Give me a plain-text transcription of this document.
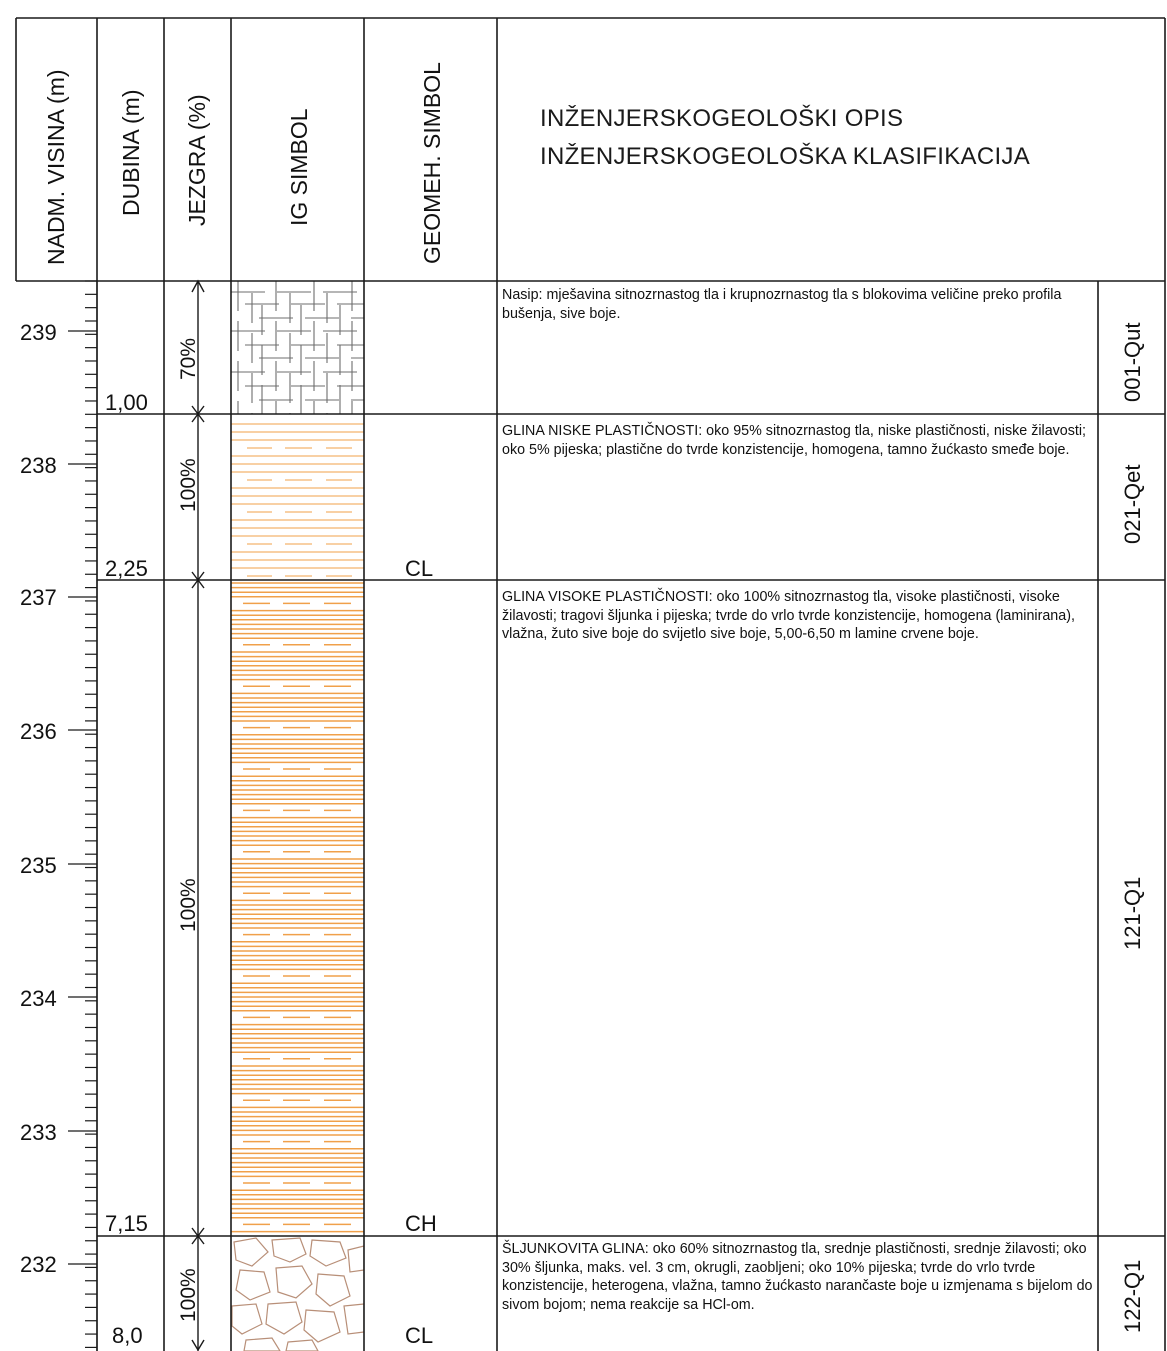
NADM. VISINA (m) DUBINA (m) JEZGRA (%)	IG SIMBOL	GEOMEH. SIMBOL
239
238
237
236
235
234
233
232
1,00
2,25
7,15
8,0
70%
100%
100%
100%
CL
CH
CL
001-Qut
021-Qet
121-Q1
122-Q1
INŽENJERSKOGEOLOŠKI OPIS
INŽENJERSKOGEOLOŠKA KLASIFIKACIJA

Nasip: mješavina sitnozrnastog tla i krupnozrnastog tla s blokovima veličine preko profila bušenja, sive boje.

GLINA NISKE PLASTIČNOSTI: oko 95% sitnozrnastog tla, niske plastičnosti, niske žilavosti; oko 5% pijeska; plastične do tvrde konzistencije, homogena, tamno žućkasto smeđe boje.

GLINA VISOKE PLASTIČNOSTI: oko 100% sitnozrnastog tla, visoke plastičnosti, visoke žilavosti; tragovi šljunka i pijeska; tvrde do vrlo tvrde konzistencije, homogena (laminirana), vlažna, žuto sive boje do svijetlo sive boje, 5,00-6,50 m lamine crvene boje.

ŠLJUNKOVITA GLINA: oko 60% sitnozrnastog tla, srednje plastičnosti, srednje žilavosti; oko 30% šljunka, maks. vel. 3 cm, okrugli, zaobljeni; oko 10% pijeska; tvrde do vrlo tvrde konzistencije, heterogena, vlažna, tamno žućkasto narančaste boje u izmjenama s bijelom do sivom bojom; nema reakcije sa HCl-om.
